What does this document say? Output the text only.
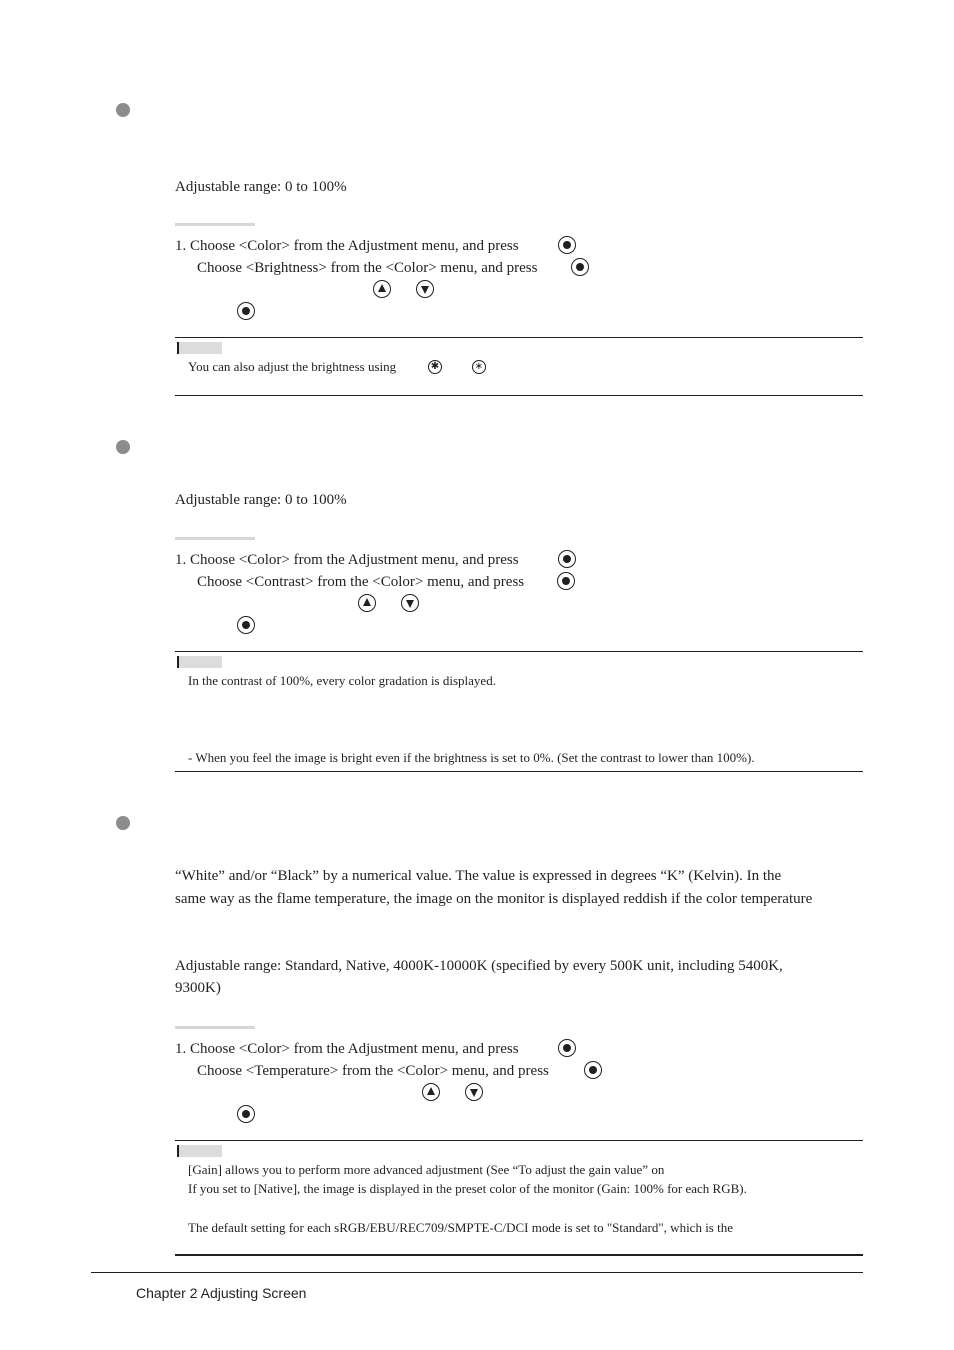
Adjustable range: 0 to 100%
1. Choose <Color> from the Adjustment menu, and press
Choose <Brightness> from the <Color> menu, and press
You can also adjust the brightness using	✱	∗
Adjustable range: 0 to 100%
1. Choose <Color> from the Adjustment menu, and press
Choose <Contrast> from the <Color> menu, and press
In the contrast of 100%, every color gradation is displayed.
- When you feel the image is bright even if the brightness is set to 0%. (Set the contrast to lower than 100%).
“White” and/or “Black” by a numerical value. The value is expressed in degrees “K” (Kelvin). In the
same way as the flame temperature, the image on the monitor is displayed reddish if the color temperature
Adjustable range: Standard, Native, 4000K-10000K (specified by every 500K unit, including 5400K,
9300K)
1. Choose <Color> from the Adjustment menu, and press
Choose <Temperature> from the <Color> menu, and press
[Gain] allows you to perform more advanced adjustment (See “To adjust the gain value” on
If you set to [Native], the image is displayed in the preset color of the monitor (Gain: 100% for each RGB).
The default setting for each sRGB/EBU/REC709/SMPTE-C/DCI mode is set to "Standard", which is the
Chapter 2 Adjusting Screen
